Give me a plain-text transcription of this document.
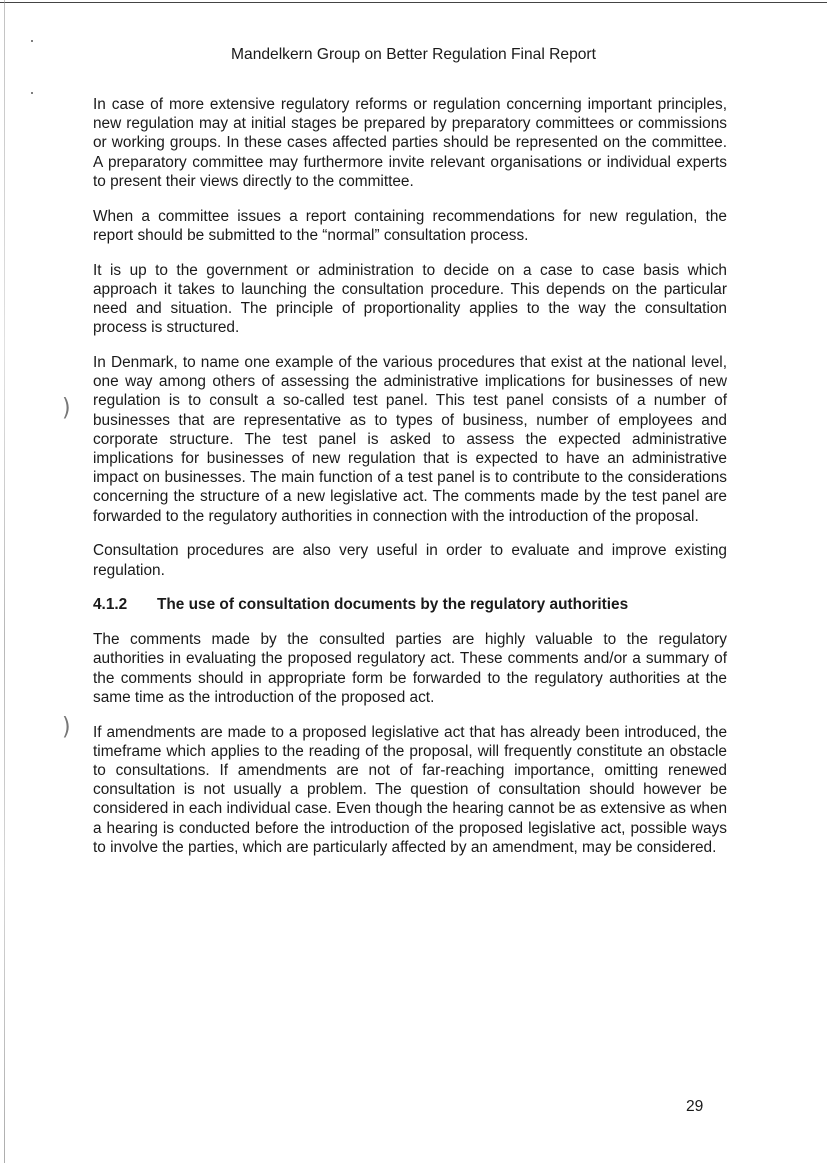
)
)
Mandelkern Group on Better Regulation Final Report

In case of more extensive regulatory reforms or regulation concerning important principles, new regulation may at initial stages be prepared by preparatory committees or commissions or working groups. In these cases affected parties should be represented on the committee. A preparatory committee may furthermore invite relevant organisations or individual experts to present their views directly to the committee.

When a committee issues a report containing recommendations for new regulation, the report should be submitted to the “normal” consultation process.

It is up to the government or administration to decide on a case to case basis which approach it takes to launching the consultation procedure. This depends on the particular need and situation. The principle of proportionality applies to the way the consultation process is structured.

In Denmark, to name one example of the various procedures that exist at the national level, one way among others of assessing the administrative implications for businesses of new regulation is to consult a so-called test panel. This test panel consists of a number of businesses that are representative as to types of business, number of employees and corporate structure. The test panel is asked to assess the expected administrative implications for businesses of new regulation that is expected to have an administrative impact on businesses. The main function of a test panel is to contribute to the considerations concerning the structure of a new legislative act. The comments made by the test panel are forwarded to the regulatory authorities in connection with the introduction of the proposal.

Consultation procedures are also very useful in order to evaluate and improve existing regulation.

4.1.2	The use of consultation documents by the regulatory authorities

The comments made by the consulted parties are highly valuable to the regulatory authorities in evaluating the proposed regulatory act. These comments and/or a summary of the comments should in appropriate form be forwarded to the regulatory authorities at the same time as the introduction of the proposed act.

If amendments are made to a proposed legislative act that has already been introduced, the timeframe which applies to the reading of the proposal, will frequently constitute an obstacle to consultations. If amendments are not of far-reaching importance, omitting renewed consultation is not usually a problem. The question of consultation should however be considered in each individual case. Even though the hearing cannot be as extensive as when a hearing is conducted before the introduction of the proposed legislative act, possible ways to involve the parties, which are particularly affected by an amendment, may be considered.

29
